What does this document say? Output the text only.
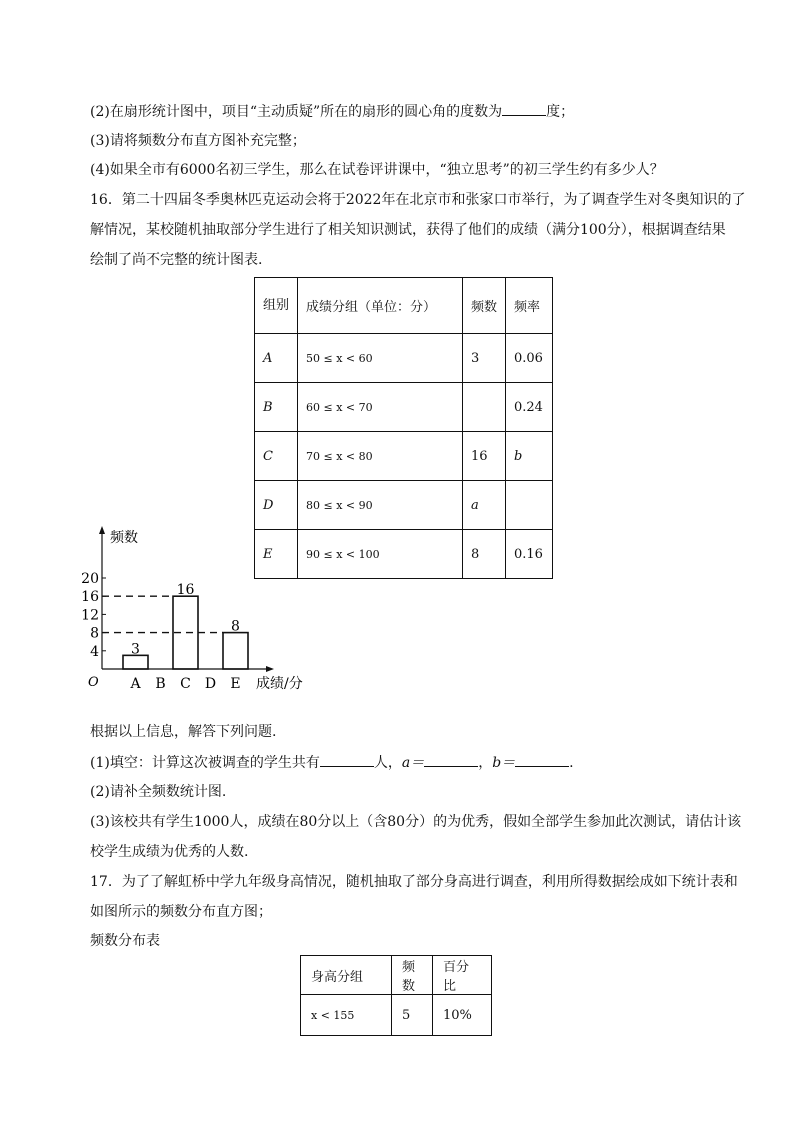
(2)在扇形统计图中，项目“主动质疑”所在的扇形的圆心角的度数为	度；
(3)请将频数分布直方图补充完整；
(4)如果全市有6000名初三学生，那么在试卷评讲课中，“独立思考”的初三学生约有多少人？
16．第二十四届冬季奥林匹克运动会将于2022年在北京市和张家口市举行，为了调查学生对冬奥知识的了
解情况，某校随机抽取部分学生进行了相关知识测试，获得了他们的成绩（满分100分），根据调查结果
绘制了尚不完整的统计图表.
组别	成绩分组（单位：分）	频数	频率
A	50 ≤ x < 60	3	0.06
B	60 ≤ x < 70		0.24
C	70 ≤ x < 80	16	b
D	80 ≤ x < 90	a	
E	90 ≤ x < 100	8	0.16
频数
成绩/分
O
4
8
12
16
20
3
A B
16
C D
8
E
根据以上信息，解答下列问题.
(1)填空：计算这次被调查的学生共有	人，a＝	，b＝	.
(2)请补全频数统计图.
(3)该校共有学生1000人，成绩在80分以上（含80分）的为优秀，假如全部学生参加此次测试，请估计该
校学生成绩为优秀的人数.
17．为了了解虹桥中学九年级身高情况，随机抽取了部分身高进行调查，利用所得数据绘成如下统计表和
如图所示的频数分布直方图；
频数分布表
身高分组	频数	百分比
x < 155	5	10%
